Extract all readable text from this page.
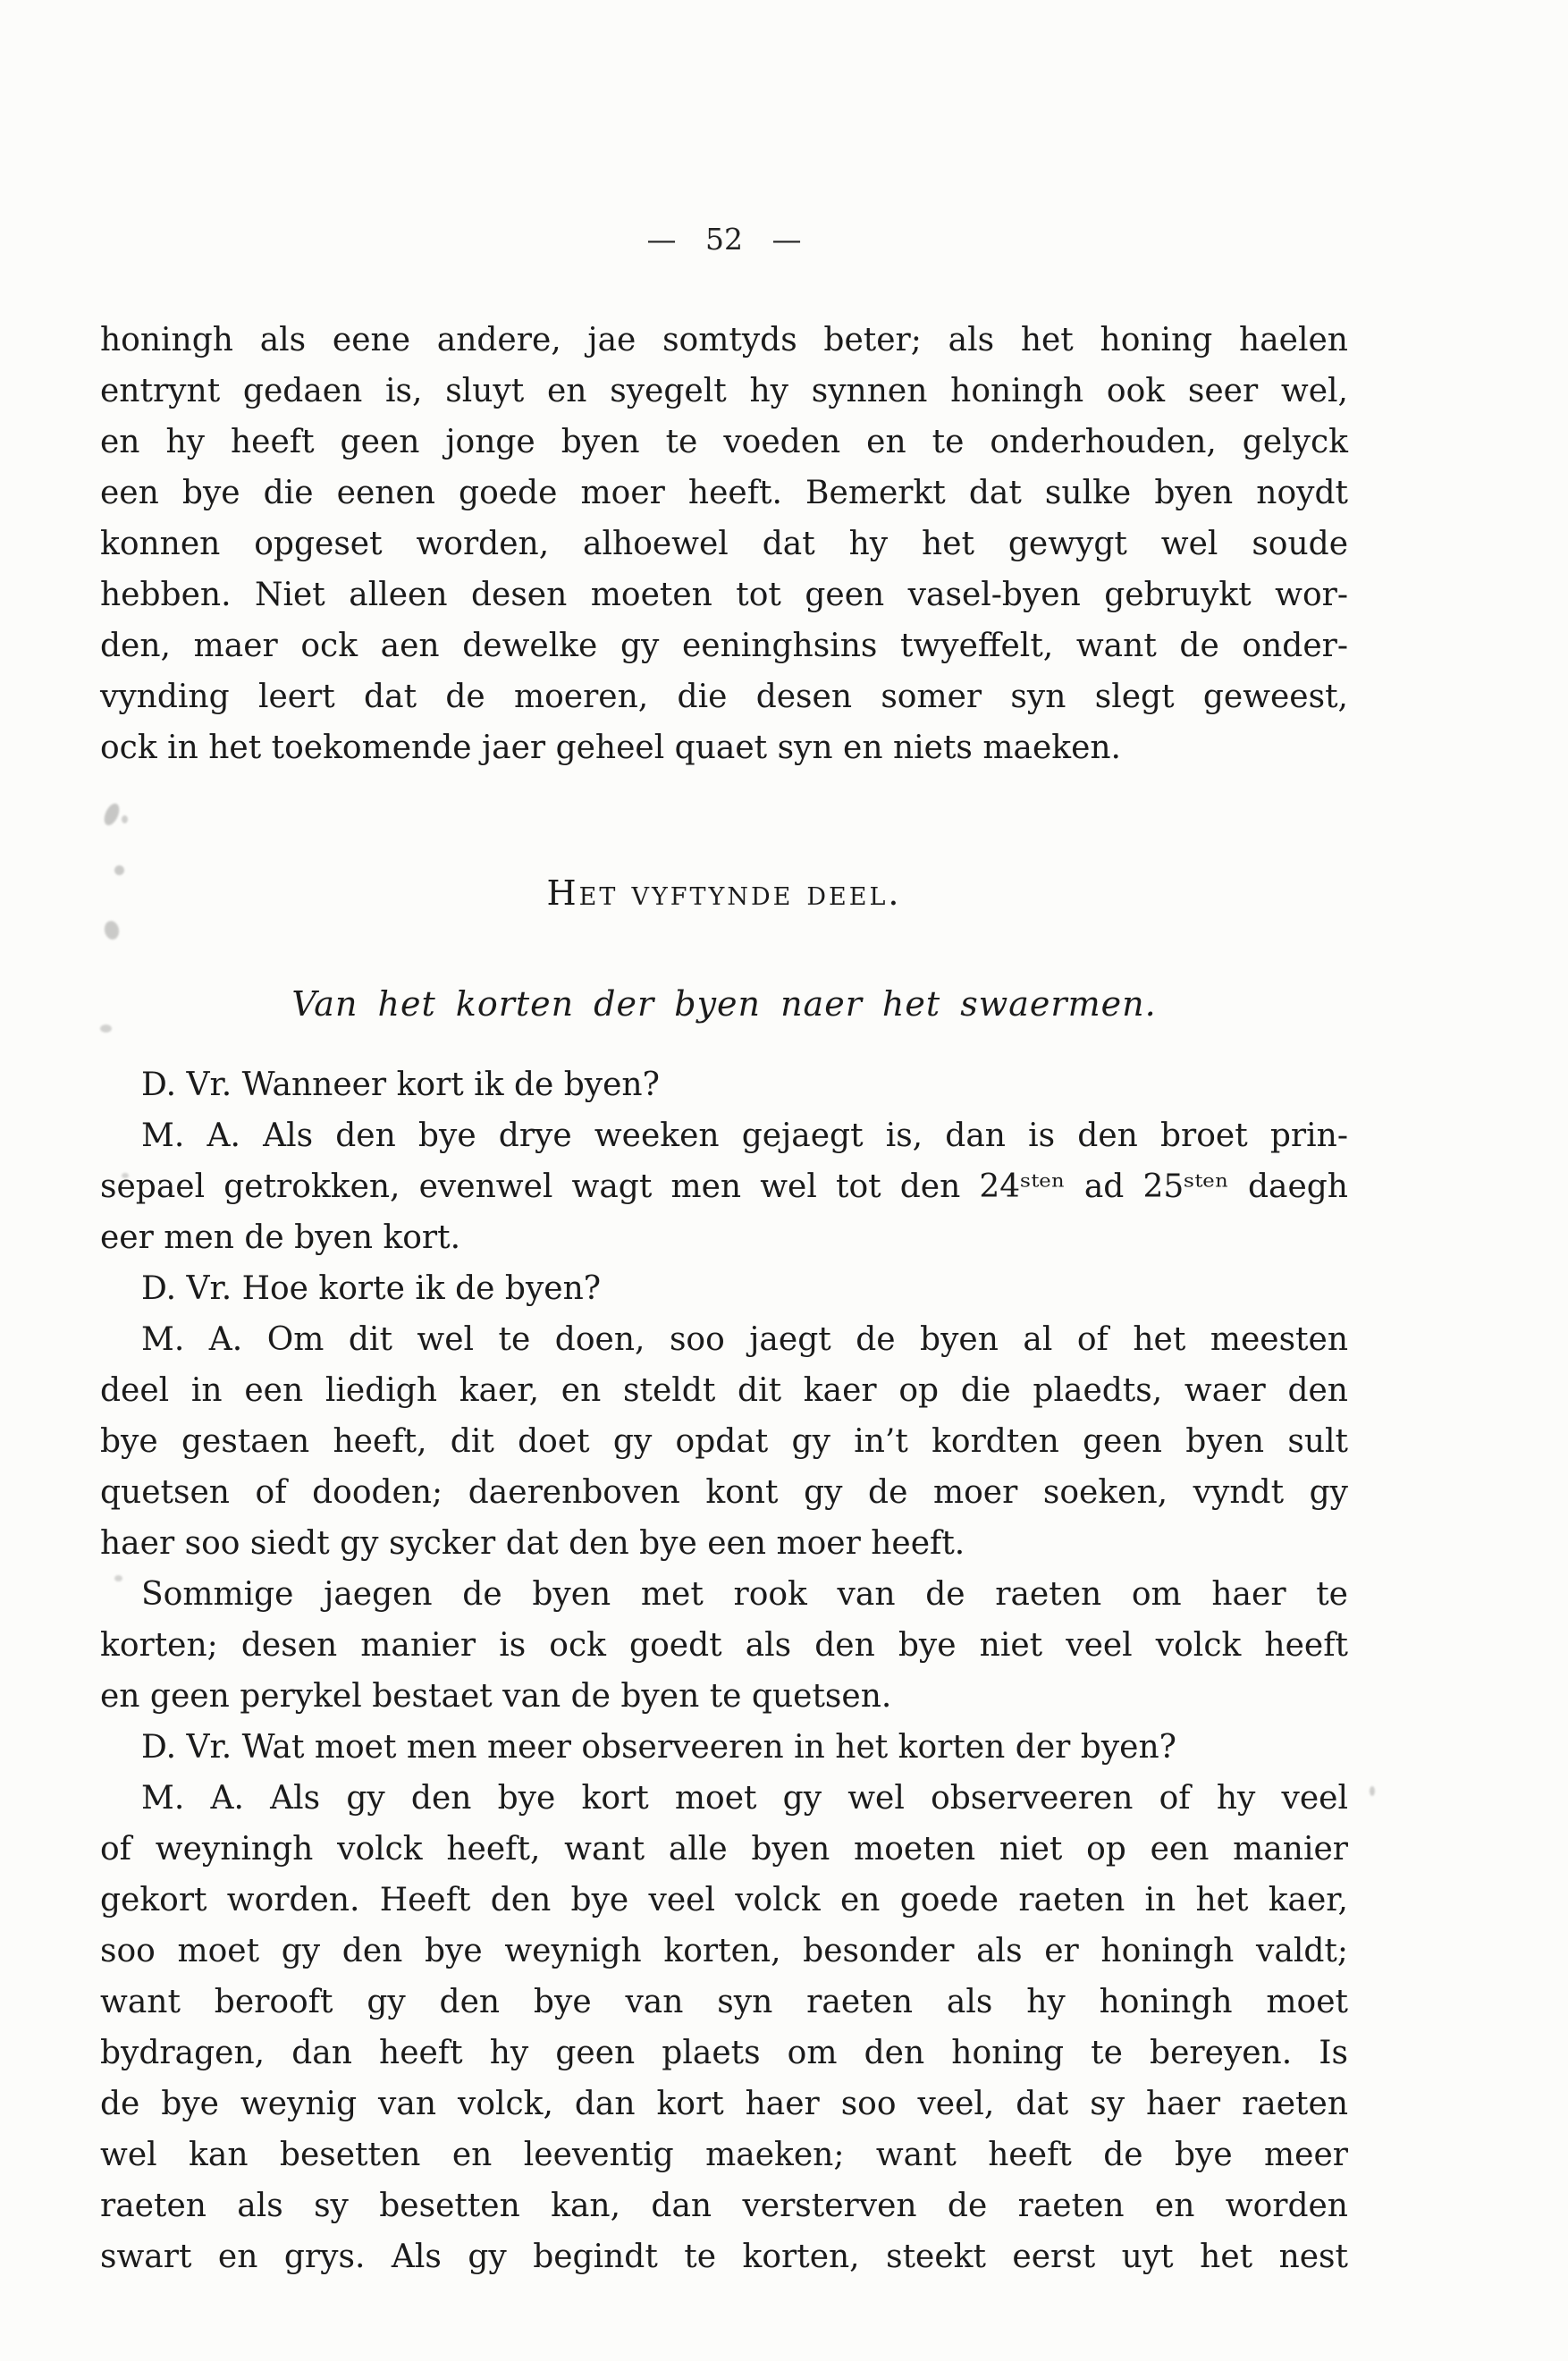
— 52 —
honingh als eene andere, jae somtyds beter; als het honing haelen
entrynt gedaen is, sluyt en syegelt hy synnen honingh ook seer wel,
en hy heeft geen jonge byen te voeden en te onderhouden, gelyck
een bye die eenen goede moer heeft. Bemerkt dat sulke byen noydt
konnen opgeset worden, alhoewel dat hy het gewygt wel soude
hebben. Niet alleen desen moeten tot geen vasel-byen gebruykt wor-
den, maer ock aen dewelke gy eeninghsins twyeffelt, want de onder-
vynding leert dat de moeren, die desen somer syn slegt geweest,
ock in het toekomende jaer geheel quaet syn en niets maeken.
Het vyftynde deel.
Van het korten der byen naer het swaermen.
D. Vr. Wanneer kort ik de byen?
M. A. Als den bye drye weeken gejaegt is, dan is den broet prin-
sepael getrokken, evenwel wagt men wel tot den 24ˢᵗᵉⁿ ad 25ˢᵗᵉⁿ daegh
eer men de byen kort.
D. Vr. Hoe korte ik de byen?
M. A. Om dit wel te doen, soo jaegt de byen al of het meesten
deel in een liedigh kaer, en steldt dit kaer op die plaedts, waer den
bye gestaen heeft, dit doet gy opdat gy in’t kordten geen byen sult
quetsen of dooden; daerenboven kont gy de moer soeken, vyndt gy
haer soo siedt gy sycker dat den bye een moer heeft.
Sommige jaegen de byen met rook van de raeten om haer te
korten; desen manier is ock goedt als den bye niet veel volck heeft
en geen perykel bestaet van de byen te quetsen.
D. Vr. Wat moet men meer observeeren in het korten der byen?
M. A. Als gy den bye kort moet gy wel observeeren of hy veel
of weyningh volck heeft, want alle byen moeten niet op een manier
gekort worden. Heeft den bye veel volck en goede raeten in het kaer,
soo moet gy den bye weynigh korten, besonder als er honingh valdt;
want berooft gy den bye van syn raeten als hy honingh moet
bydragen, dan heeft hy geen plaets om den honing te bereyen. Is
de bye weynig van volck, dan kort haer soo veel, dat sy haer raeten
wel kan besetten en leeventig maeken; want heeft de bye meer
raeten als sy besetten kan, dan versterven de raeten en worden
swart en grys. Als gy begindt te korten, steekt eerst uyt het nest
